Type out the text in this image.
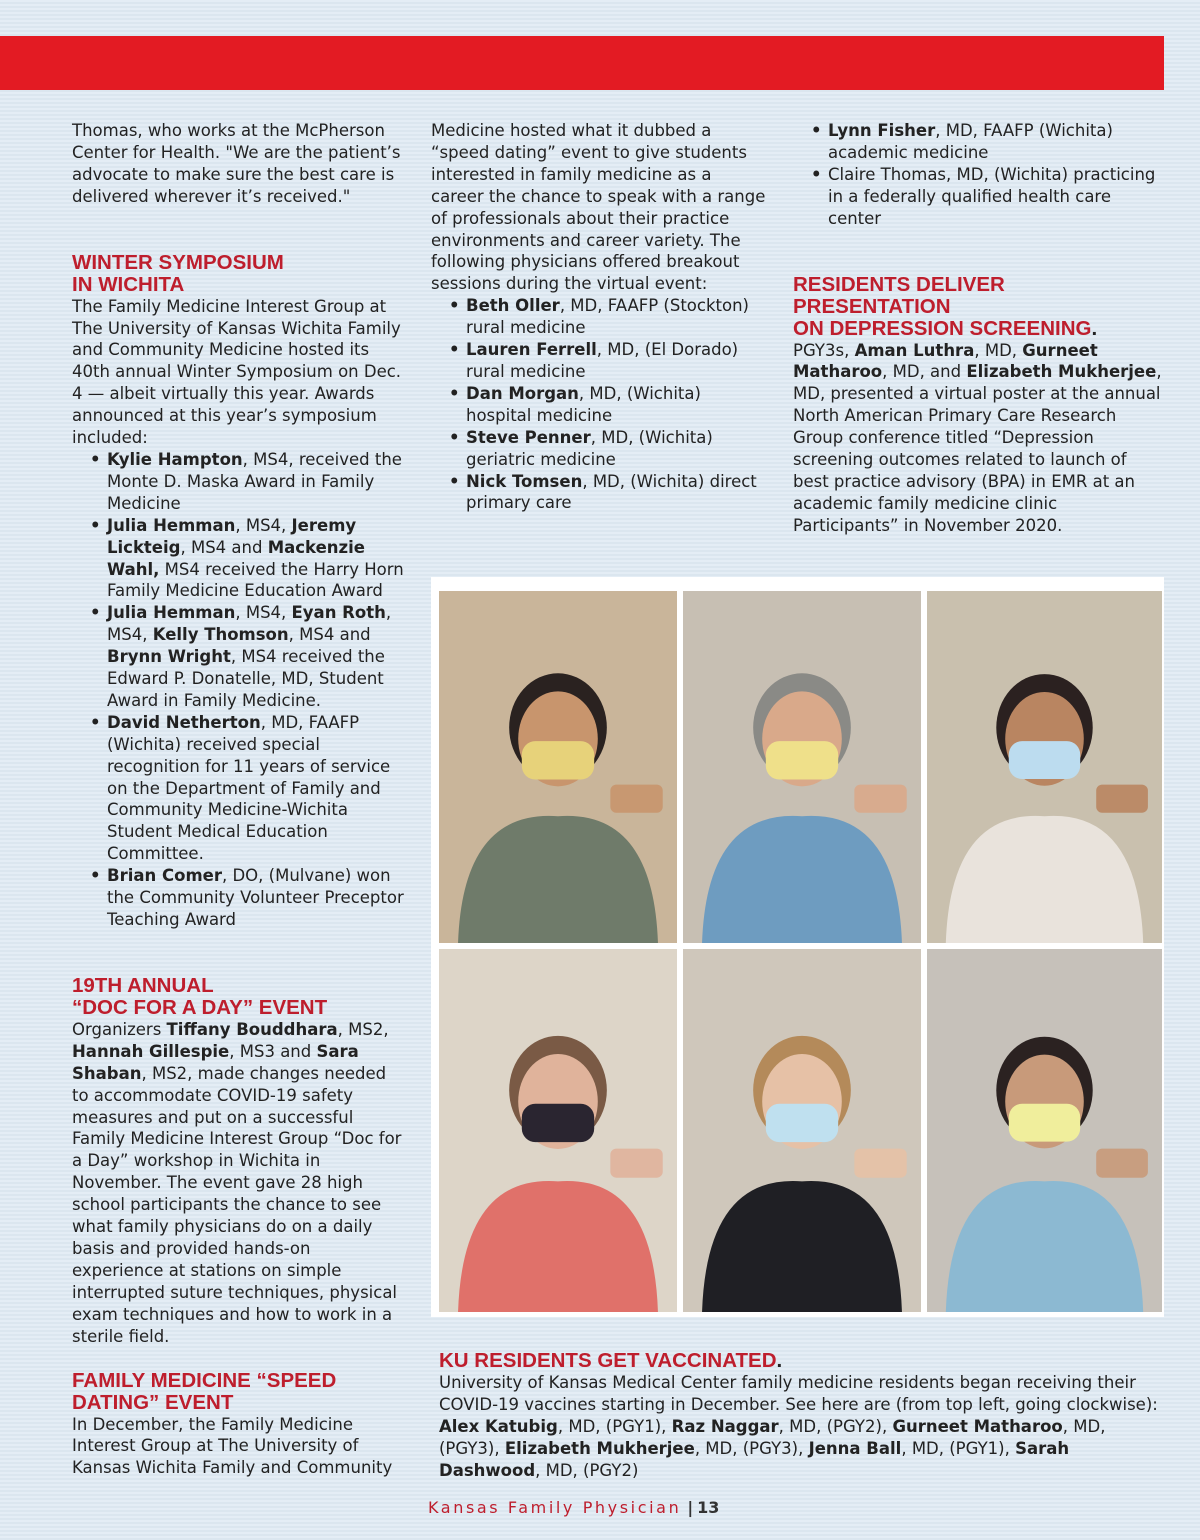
Thomas, who works at the McPherson Center for Health. "We are the patient’s advocate to make sure the best care is delivered wherever it’s received."

WINTER SYMPOSIUM
IN WICHITA

The Family Medicine Interest Group at The University of Kansas Wichita Family and Community Medicine hosted its 40th annual Winter Symposium on Dec. 4 — albeit virtually this year. Awards announced at this year’s symposium included:

• Kylie Hampton, MS4, received the Monte D. Maska Award in Family Medicine
• Julia Hemman, MS4, Jeremy Lickteig, MS4 and Mackenzie Wahl, MS4 received the Harry Horn Family Medicine Education Award
• Julia Hemman, MS4, Eyan Roth, MS4, Kelly Thomson, MS4 and Brynn Wright, MS4 received the Edward P. Donatelle, MD, Student Award in Family Medicine.
• David Netherton, MD, FAAFP (Wichita) received special recognition for 11 years of service on the Department of Family and Community Medicine-Wichita Student Medical Education Committee.
• Brian Comer, DO, (Mulvane) won the Community Volunteer Preceptor Teaching Award
19TH ANNUAL
“DOC FOR A DAY” EVENT

Organizers Tiffany Bouddhara, MS2, Hannah Gillespie, MS3 and Sara Shaban, MS2, made changes needed to accommodate COVID-19 safety measures and put on a successful Family Medicine Interest Group “Doc for a Day” workshop in Wichita in November. The event gave 28 high school participants the chance to see what family physicians do on a daily basis and provided hands-on experience at stations on simple interrupted suture techniques, physical exam techniques and how to work in a sterile field.

FAMILY MEDICINE “SPEED
DATING” EVENT

In December, the Family Medicine Interest Group at The University of Kansas Wichita Family and Community

Medicine hosted what it dubbed a “speed dating” event to give students interested in family medicine as a career the chance to speak with a range of professionals about their practice environments and career variety. The following physicians offered breakout sessions during the virtual event:

• Beth Oller, MD, FAAFP (Stockton) rural medicine
• Lauren Ferrell, MD, (El Dorado) rural medicine
• Dan Morgan, MD, (Wichita) hospital medicine
• Steve Penner, MD, (Wichita) geriatric medicine
• Nick Tomsen, MD, (Wichita) direct primary care
• Lynn Fisher, MD, FAAFP (Wichita) academic medicine
• Claire Thomas, MD, (Wichita) practicing in a federally qualified health care center
RESIDENTS DELIVER PRESENTATION
ON DEPRESSION SCREENING.

PGY3s, Aman Luthra, MD, Gurneet Matharoo, MD, and Elizabeth Mukherjee, MD, presented a virtual poster at the annual North American Primary Care Research Group conference titled “Depression screening outcomes related to launch of best practice advisory (BPA) in EMR at an academic family medicine clinic Participants” in November 2020.

KU RESIDENTS GET VACCINATED.

University of Kansas Medical Center family medicine residents began receiving their COVID-19 vaccines starting in December. See here are (from top left, going clockwise): Alex Katubig, MD, (PGY1), Raz Naggar, MD, (PGY2), Gurneet Matharoo, MD, (PGY3), Elizabeth Mukherjee, MD, (PGY3), Jenna Ball, MD, (PGY1), Sarah Dashwood, MD, (PGY2)

Kansas Family Physician | 13
